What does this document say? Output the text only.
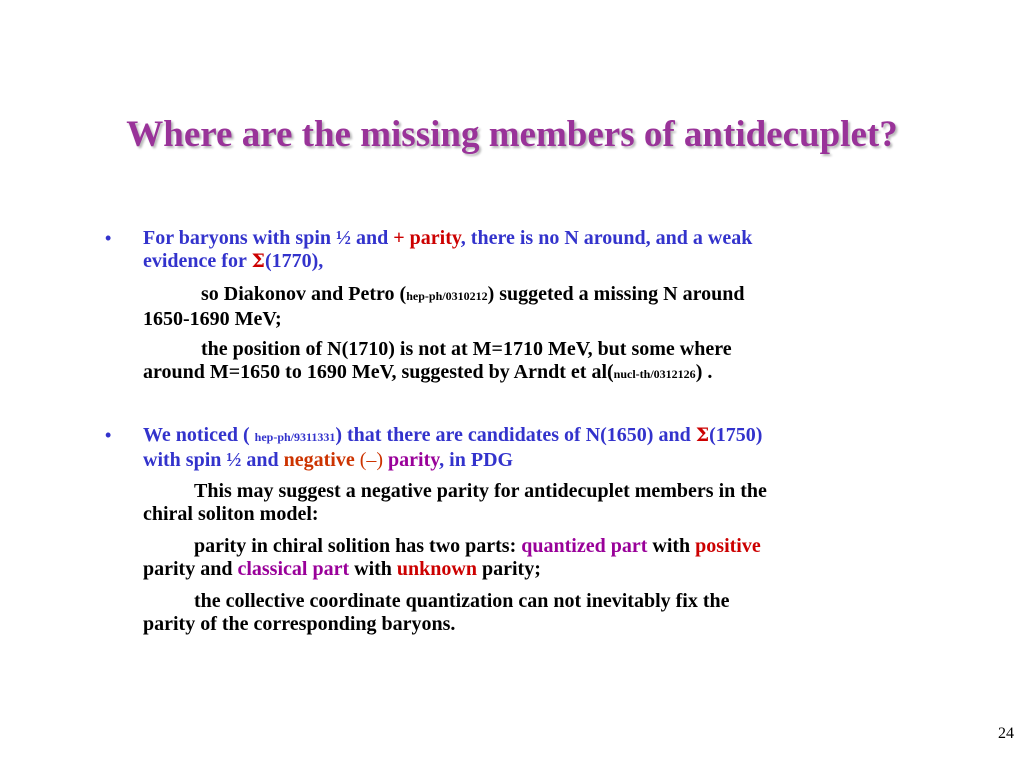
Where are the missing members of antidecuplet?
• For baryons with spin ½ and + parity, there is no N around, and a weak
evidence for Σ(1770),
so Diakonov and Petro (hep-ph/0310212) suggeted a missing N around
1650-1690 MeV;
the position of N(1710) is not at M=1710 MeV, but some where
around M=1650 to 1690 MeV, suggested by Arndt et al(nucl-th/0312126) .
• We noticed ( hep-ph/9311331) that there are candidates of N(1650) and Σ(1750)
with spin ½ and negative (–) parity, in PDG
This may suggest a negative parity for antidecuplet members in the
chiral soliton model:
parity in chiral solition has two parts: quantized part with positive
parity and classical part with unknown parity;
the collective coordinate quantization can not inevitably fix the
parity of the corresponding baryons.
24
